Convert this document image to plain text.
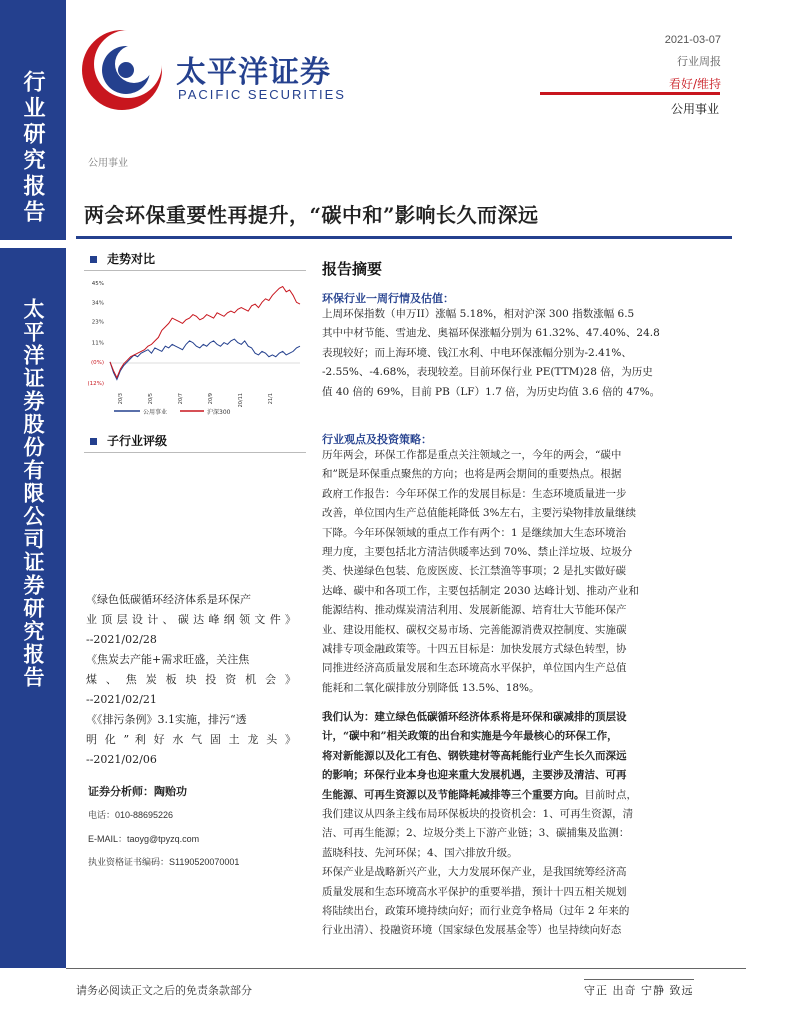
行业研究报告
太平洋证券股份有限公司证券研究报告
太平洋证券
PACIFIC SECURITIES
2021-03-07
行业周报
看好/维持
公用事业
公用事业
两会环保重要性再提升，“碳中和”影响长久而深远
走势对比
45%
34%
23%
11%
(0%)
(12%)
20/3	20/5	20/7	20/9	20/11	21/1
公用事业	沪深300
子行业评级
《绿色低碳循环经济体系是环保产
业顶层设计、碳达峰纲领文件》
--2021/02/28
《焦炭去产能+需求旺盛，关注焦
煤 、 焦 炭 板 块 投 资 机 会 》
--2021/02/21
《《排污条例》3.1实施，排污“透
明 化 ” 利 好 水 气 固 土 龙 头 》
--2021/02/06
证券分析师：陶贻功
电话：010-88695226
E-MAIL：taoyg@tpyzq.com
执业资格证书编码：S1190520070001
报告摘要
环保行业一周行情及估值：
上周环保指数（申万II）涨幅 5.18%，相对沪深 300 指数涨幅 6.5
其中中材节能、雪迪龙、奥福环保涨幅分别为 61.32%、47.40%、24.8
表现较好；而上海环境、钱江水利、中电环保涨幅分别为-2.41%、
-2.55%、-4.68%，表现较差。目前环保行业 PE(TTM)28 倍，为历史
值 40 倍的 69%，目前 PB（LF）1.7 倍，为历史均值 3.6 倍的 47%。
行业观点及投资策略：
历年两会，环保工作都是重点关注领域之一，今年的两会，“碳中
和”既是环保重点聚焦的方向；也将是两会期间的重要热点。根据
政府工作报告：今年环保工作的发展目标是：生态环境质量进一步
改善，单位国内生产总值能耗降低 3%左右，主要污染物排放量继续
下降。今年环保领域的重点工作有两个：1 是继续加大生态环境治
理力度，主要包括北方清洁供暖率达到 70%、禁止洋垃圾、垃圾分
类、快递绿色包装、危废医废、长江禁渔等事项；2 是扎实做好碳
达峰、碳中和各项工作，主要包括制定 2030 达峰计划、推动产业和
能源结构、推动煤炭清洁利用、发展新能源、培育壮大节能环保产
业、建设用能权、碳权交易市场、完善能源消费双控制度、实施碳
减排专项金融政策等。十四五目标是：加快发展方式绿色转型，协
同推进经济高质量发展和生态环境高水平保护，单位国内生产总值
能耗和二氧化碳排放分别降低 13.5%、18%。
我们认为：建立绿色低碳循环经济体系将是环保和碳减排的顶层设
计，“碳中和”相关政策的出台和实施是今年最核心的环保工作，
将对新能源以及化工有色、钢铁建材等高耗能行业产生长久而深远
的影响；环保行业本身也迎来重大发展机遇，主要涉及清洁、可再
生能源、可再生资源以及节能降耗减排等三个重要方向。目前时点，
我们建议从四条主线布局环保板块的投资机会：1、可再生资源，清
洁、可再生能源；2、垃圾分类上下游产业链；3、碳捕集及监测：
蓝晓科技、先河环保；4、国六排放升级。
环保产业是战略新兴产业，大力发展环保产业，是我国统筹经济高
质量发展和生态环境高水平保护的重要举措，预计十四五相关规划
将陆续出台，政策环境持续向好；而行业竞争格局（过年 2 年来的
行业出清）、投融资环境（国家绿色发展基金等）也呈持续向好态
请务必阅读正文之后的免责条款部分	守正 出奇 宁静 致远
